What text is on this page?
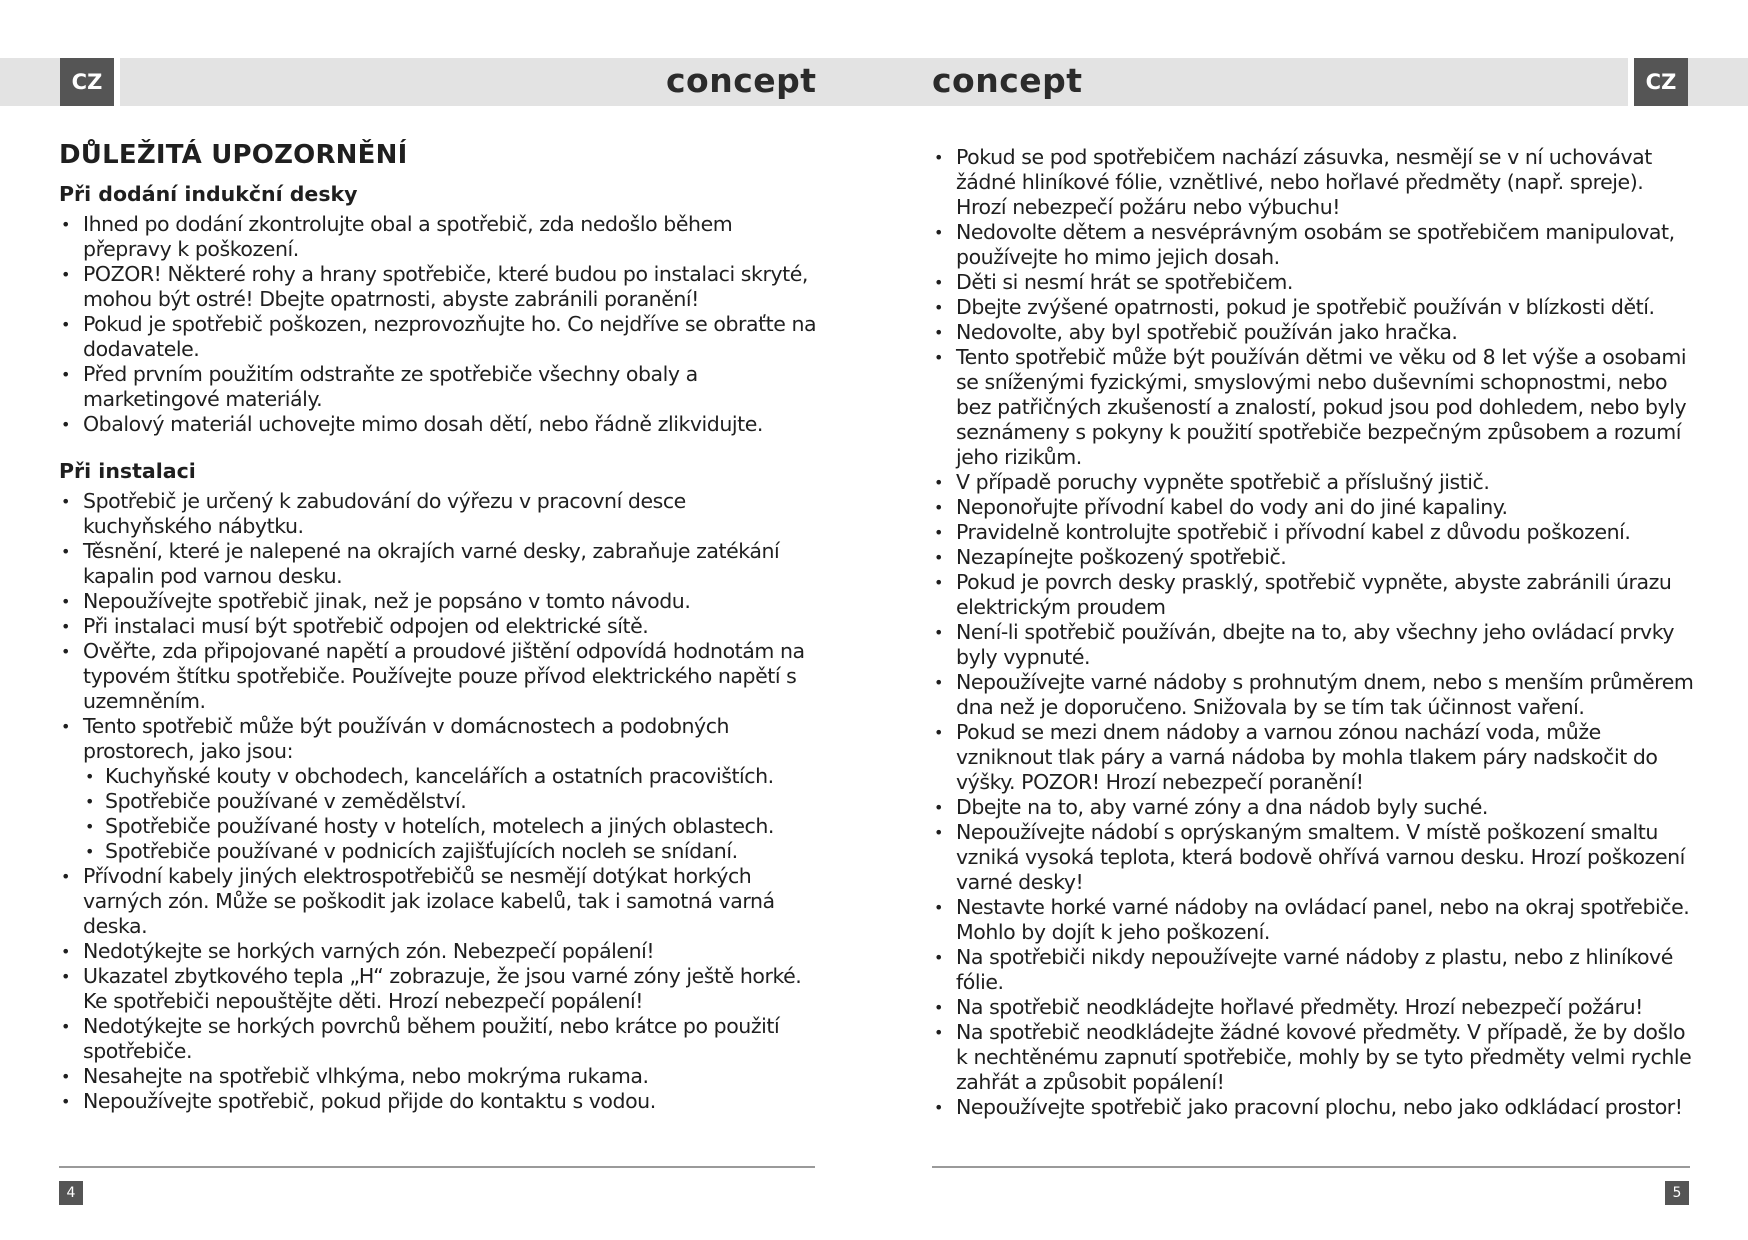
CZ	CZ
concept	concept
DŮLEŽITÁ UPOZORNĚNÍ
Při dodání indukční desky
• Ihned po dodání zkontrolujte obal a spotřebič, zda nedošlo během přepravy k poškození.
• POZOR! Některé rohy a hrany spotřebiče, které budou po instalaci skryté, mohou být ostré! Dbejte opatrnosti, abyste zabránili poranění!
• Pokud je spotřebič poškozen, nezprovozňujte ho. Co nejdříve se obraťte na dodavatele.
• Před prvním použitím odstraňte ze spotřebiče všechny obaly a marketingové materiály.
• Obalový materiál uchovejte mimo dosah dětí, nebo řádně zlikvidujte.
Při instalaci
• Spotřebič je určený k zabudování do výřezu v pracovní desce kuchyňského nábytku.
• Těsnění, které je nalepené na okrajích varné desky, zabraňuje zatékání kapalin pod varnou desku.
• Nepoužívejte spotřebič jinak, než je popsáno v tomto návodu.
• Při instalaci musí být spotřebič odpojen od elektrické sítě.
• Ověřte, zda připojované napětí a proudové jištění odpovídá hodnotám na typovém štítku spotřebiče. Používejte pouze přívod elektrického napětí s uzemněním.
• Tento spotřebič může být používán v domácnostech a podobných prostorech, jako jsou:
• Kuchyňské kouty v obchodech, kancelářích a ostatních pracovištích.
• Spotřebiče používané v zemědělství.
• Spotřebiče používané hosty v hotelích, motelech a jiných oblastech.
• Spotřebiče používané v podnicích zajišťujících nocleh se snídaní.
• Přívodní kabely jiných elektrospotřebičů se nesmějí dotýkat horkých varných zón. Může se poškodit jak izolace kabelů, tak i samotná varná deska.
• Nedotýkejte se horkých varných zón. Nebezpečí popálení!
• Ukazatel zbytkového tepla „H“ zobrazuje, že jsou varné zóny ještě horké. Ke spotřebiči nepouštějte děti. Hrozí nebezpečí popálení!
• Nedotýkejte se horkých povrchů během použití, nebo krátce po použití spotřebiče.
• Nesahejte na spotřebič vlhkýma, nebo mokrýma rukama.
• Nepoužívejte spotřebič, pokud přijde do kontaktu s vodou.
• Pokud se pod spotřebičem nachází zásuvka, nesmějí se v ní uchovávat žádné hliníkové fólie, vznětlivé, nebo hořlavé předměty (např. spreje). Hrozí nebezpečí požáru nebo výbuchu!
• Nedovolte dětem a nesvéprávným osobám se spotřebičem manipulovat, používejte ho mimo jejich dosah.
• Děti si nesmí hrát se spotřebičem.
• Dbejte zvýšené opatrnosti, pokud je spotřebič používán v blízkosti dětí.
• Nedovolte, aby byl spotřebič používán jako hračka.
• Tento spotřebič může být používán dětmi ve věku od 8 let výše a osobami se sníženými fyzickými, smyslovými nebo duševními schopnostmi, nebo bez patřičných zkušeností a znalostí, pokud jsou pod dohledem, nebo byly seznámeny s pokyny k použití spotřebiče bezpečným způsobem a rozumí jeho rizikům.
• V případě poruchy vypněte spotřebič a příslušný jistič.
• Neponořujte přívodní kabel do vody ani do jiné kapaliny.
• Pravidelně kontrolujte spotřebič i přívodní kabel z důvodu poškození.
• Nezapínejte poškozený spotřebič.
• Pokud je povrch desky prasklý, spotřebič vypněte, abyste zabránili úrazu elektrickým proudem
• Není-li spotřebič používán, dbejte na to, aby všechny jeho ovládací prvky byly vypnuté.
• Nepoužívejte varné nádoby s prohnutým dnem, nebo s menším průměrem dna než je doporučeno. Snižovala by se tím tak účinnost vaření.
• Pokud se mezi dnem nádoby a varnou zónou nachází voda, může vzniknout tlak páry a varná nádoba by mohla tlakem páry nadskočit do výšky. POZOR! Hrozí nebezpečí poranění!
• Dbejte na to, aby varné zóny a dna nádob byly suché.
• Nepoužívejte nádobí s oprýskaným smaltem. V místě poškození smaltu vzniká vysoká teplota, která bodově ohřívá varnou desku. Hrozí poškození varné desky!
• Nestavte horké varné nádoby na ovládací panel, nebo na okraj spotřebiče. Mohlo by dojít k jeho poškození.
• Na spotřebiči nikdy nepoužívejte varné nádoby z plastu, nebo z hliníkové fólie.
• Na spotřebič neodkládejte hořlavé předměty. Hrozí nebezpečí požáru!
• Na spotřebič neodkládejte žádné kovové předměty. V případě, že by došlo k nechtěnému zapnutí spotřebiče, mohly by se tyto předměty velmi rychle zahřát a způsobit popálení!
• Nepoužívejte spotřebič jako pracovní plochu, nebo jako odkládací prostor!
4	5
